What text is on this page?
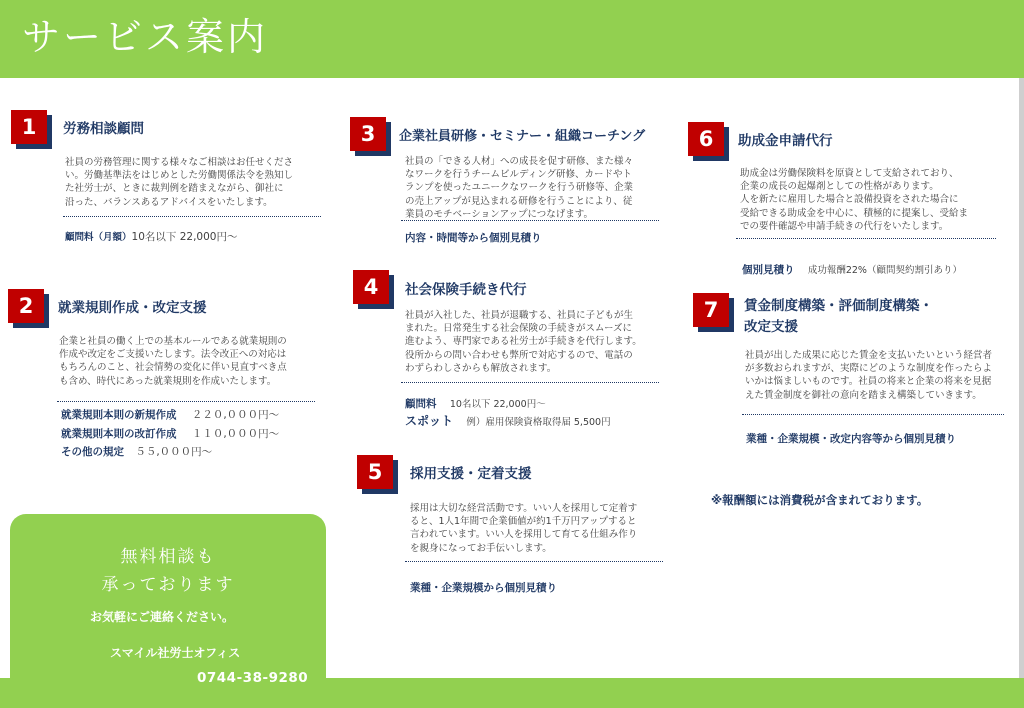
サービス案内
1	労務相談顧問
社員の労務管理に関する様々なご相談はお任せくださ
い。労働基準法をはじめとした労働関係法令を熟知し
た社労士が、ときに裁判例を踏まえながら、御社に
沿った、バランスあるアドバイスをいたします。
顧問料（月額）10名以下 22,000円～
2	就業規則作成・改定支援
企業と社員の働く上での基本ルールである就業規則の
作成や改定をご支援いたします。法令改正への対応は
もちろんのこと、社会情勢の変化に伴い見直すべき点
も含め、時代にあった就業規則を作成いたします。
就業規則本則の新規作成 ２２０,０００円～
就業規則本則の改訂作成 １１０,０００円～
その他の規定 ５５,０００円～
3	企業社員研修・セミナー・組織コーチング
社員の「できる人材」への成長を促す研修、また様々
なワークを行うチームビルディング研修、カードやト
ランプを使ったユニークなワークを行う研修等、企業
の売上アップが見込まれる研修を行うことにより、従
業員のモチベーションアップにつなげます。
内容・時間等から個別見積り
4	社会保険手続き代行
社員が入社した、社員が退職する、社員に子どもが生
まれた。日常発生する社会保険の手続きがスムーズに
進むよう、専門家である社労士が手続きを代行します。
役所からの問い合わせも弊所で対応するので、電話の
わずらわしさからも解放されます。
顧問料 10名以下 22,000円～
スポット 例）雇用保険資格取得届 5,500円
5	採用支援・定着支援
採用は大切な経営活動です。いい人を採用して定着す
ると、1人1年間で企業価値が約1千万円アップすると
言われています。いい人を採用して育てる仕組み作り
を親身になってお手伝いします。
業種・企業規模から個別見積り
6	助成金申請代行
助成金は労働保険料を原資として支給されており、
企業の成長の起爆剤としての性格があります。
人を新たに雇用した場合と設備投資をされた場合に
受給できる助成金を中心に、積極的に提案し、受給ま
での要件確認や申請手続きの代行をいたします。
個別見積り 成功報酬22%（顧問契約割引あり）
7	賃金制度構築・評価制度構築・
改定支援
社員が出した成果に応じた賃金を支払いたいという経営者
が多数おられますが、実際にどのような制度を作ったらよ
いかは悩ましいものです。社員の将来と企業の将来を見据
えた賃金制度を御社の意向を踏まえ構築していきます。
業種・企業規模・改定内容等から個別見積り
※報酬額には消費税が含まれております。
無料相談も
承っております
お気軽にご連絡ください。
スマイル社労士オフィス
0744-38-9280
